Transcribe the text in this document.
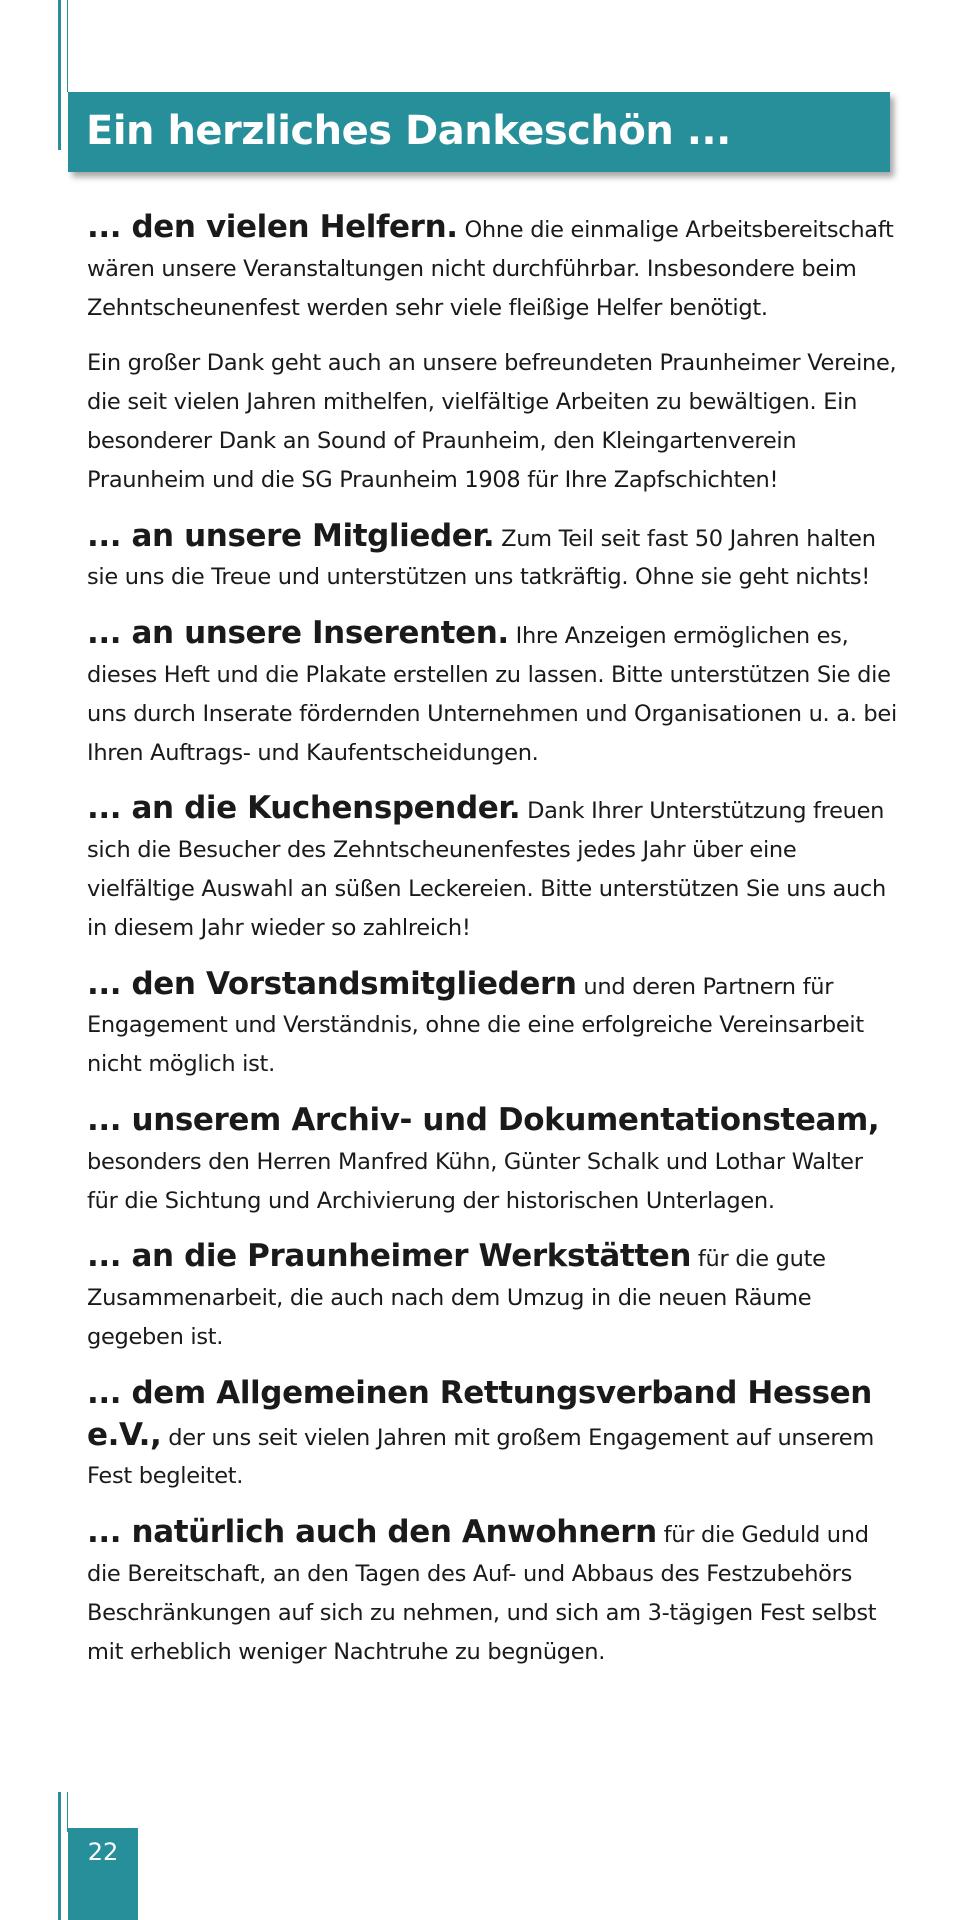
Ein herzliches Dankeschön ...

... den vielen Helfern. Ohne die einmalige Arbeitsbereitschaft wären unsere Veranstaltungen nicht durchführbar. Insbesondere beim Zehntscheunenfest werden sehr viele fleißige Helfer benötigt.

Ein großer Dank geht auch an unsere befreundeten Praunheimer Vereine, die seit vielen Jahren mithelfen, vielfältige Arbeiten zu bewältigen. Ein besonderer Dank an Sound of Praunheim, den Kleingartenverein Praunheim und die SG Praunheim 1908 für Ihre Zapfschichten!

... an unsere Mitglieder. Zum Teil seit fast 50 Jahren halten sie uns die Treue und unterstützen uns tatkräftig. Ohne sie geht nichts!

... an unsere Inserenten. Ihre Anzeigen ermöglichen es, dieses Heft und die Plakate erstellen zu lassen. Bitte unterstützen Sie die uns durch Inserate fördernden Unternehmen und Organisationen u. a. bei Ihren Auftrags- und Kaufentscheidungen.

... an die Kuchenspender. Dank Ihrer Unterstützung freuen sich die Besucher des Zehntscheunenfestes jedes Jahr über eine vielfältige Auswahl an süßen Leckereien. Bitte unterstützen Sie uns auch in diesem Jahr wieder so zahlreich!

... den Vorstandsmitgliedern und deren Partnern für Engagement und Verständnis, ohne die eine erfolgreiche Vereinsarbeit nicht möglich ist.

... unserem Archiv- und Dokumentationsteam, besonders den Herren Manfred Kühn, Günter Schalk und Lothar Walter für die Sichtung und Archivierung der historischen Unterlagen.

... an die Praunheimer Werkstätten für die gute Zusammenarbeit, die auch nach dem Umzug in die neuen Räume gegeben ist.

... dem Allgemeinen Rettungsverband Hessen e.V., der uns seit vielen Jahren mit großem Engagement auf unserem Fest begleitet.

... natürlich auch den Anwohnern für die Geduld und die Bereitschaft, an den Tagen des Auf- und Abbaus des Festzubehörs Beschränkungen auf sich zu nehmen, und sich am 3-tägigen Fest selbst mit erheblich weniger Nachtruhe zu begnügen.

22
